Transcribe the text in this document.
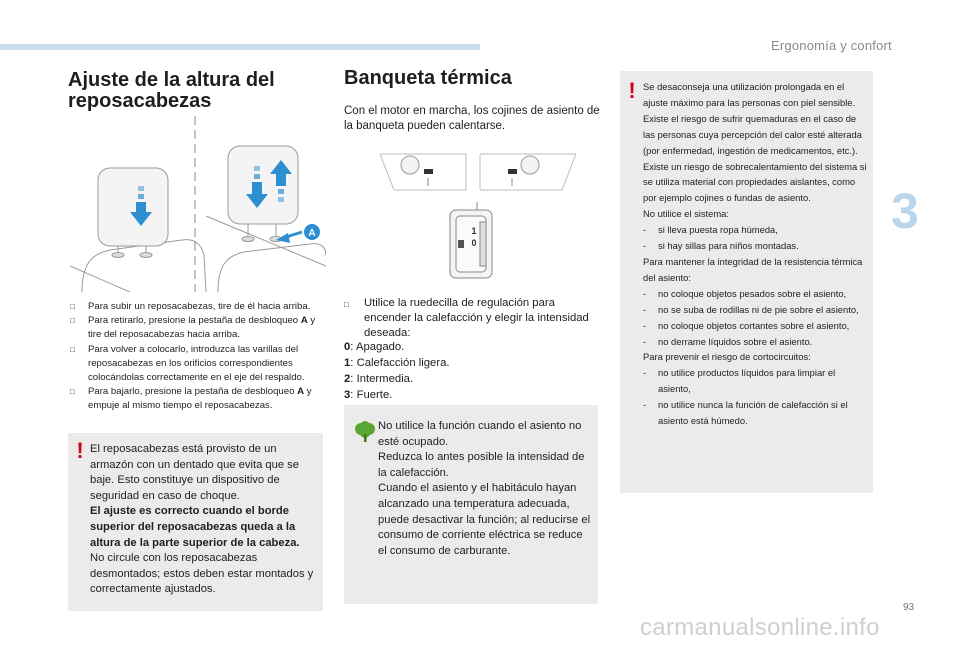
Ergonomía y confort
3
Ajuste de la altura del reposacabezas
A
□ Para subir un reposacabezas, tire de él hacia arriba.
□ Para retirarlo, presione la pestaña de desbloqueo A y tire del reposacabezas hacia arriba.
□ Para volver a colocarlo, introduzca las varillas del reposacabezas en los orificios correspondientes colocándolas correctamente en el eje del respaldo.
□ Para bajarlo, presione la pestaña de desbloqueo A y empuje al mismo tiempo el reposacabezas.
! El reposacabezas está provisto de un armazón con un dentado que evita que se baje. Esto constituye un dispositivo de seguridad en caso de choque.
El ajuste es correcto cuando el borde superior del reposacabezas queda a la altura de la parte superior de la cabeza.
No circule con los reposacabezas desmontados; estos deben estar montados y correctamente ajustados.
Banqueta térmica
Con el motor en marcha, los cojines de asiento de la banqueta pueden calentarse.
1
0
□ Utilice la ruedecilla de regulación para encender la calefacción y elegir la intensidad deseada:
0: Apagado.
1: Calefacción ligera.
2: Intermedia.
3: Fuerte.
No utilice la función cuando el asiento no esté ocupado.
Reduzca lo antes posible la intensidad de la calefacción.
Cuando el asiento y el habitáculo hayan alcanzado una temperatura adecuada, puede desactivar la función; al reducirse el consumo de corriente eléctrica se reduce el consumo de carburante.
! Se desaconseja una utilización prolongada en el ajuste máximo para las personas con piel sensible.
Existe el riesgo de sufrir quemaduras en el caso de las personas cuya percepción del calor esté alterada (por enfermedad, ingestión de medicamentos, etc.).
Existe un riesgo de sobrecalentamiento del sistema si se utiliza material con propiedades aislantes, como por ejemplo cojines o fundas de asiento.
No utilice el sistema:
- si lleva puesta ropa húmeda,
- si hay sillas para niños montadas.
Para mantener la integridad de la resistencia térmica del asiento:
- no coloque objetos pesados sobre el asiento,
- no se suba de rodillas ni de pie sobre el asiento,
- no coloque objetos cortantes sobre el asiento,
- no derrame líquidos sobre el asiento.
Para prevenir el riesgo de cortocircuitos:
- no utilice productos líquidos para limpiar el asiento,
- no utilice nunca la función de calefacción si el asiento está húmedo.
93
carmanualsonline.info
